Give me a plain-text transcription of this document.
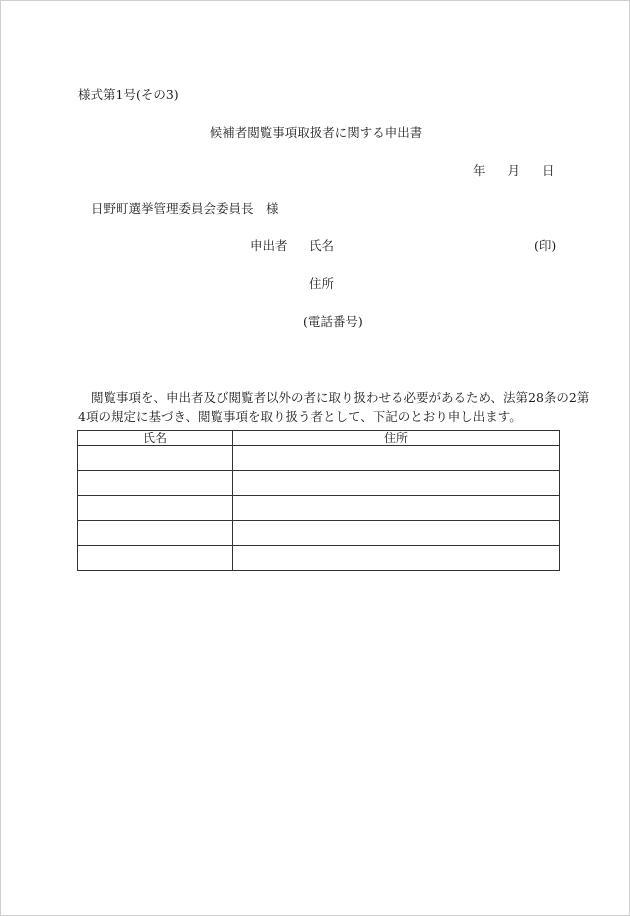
様式第1号(その3)
候補者閲覧事項取扱者に関する申出書
年 月 日
日野町選挙管理委員会委員長　様
申出者 氏名	(印)
住所
(電話番号)
閲覧事項を、申出者及び閲覧者以外の者に取り扱わせる必要があるため、法第28条の2第
4項の規定に基づき、閲覧事項を取り扱う者として、下記のとおり申し出ます。
氏名	住所
